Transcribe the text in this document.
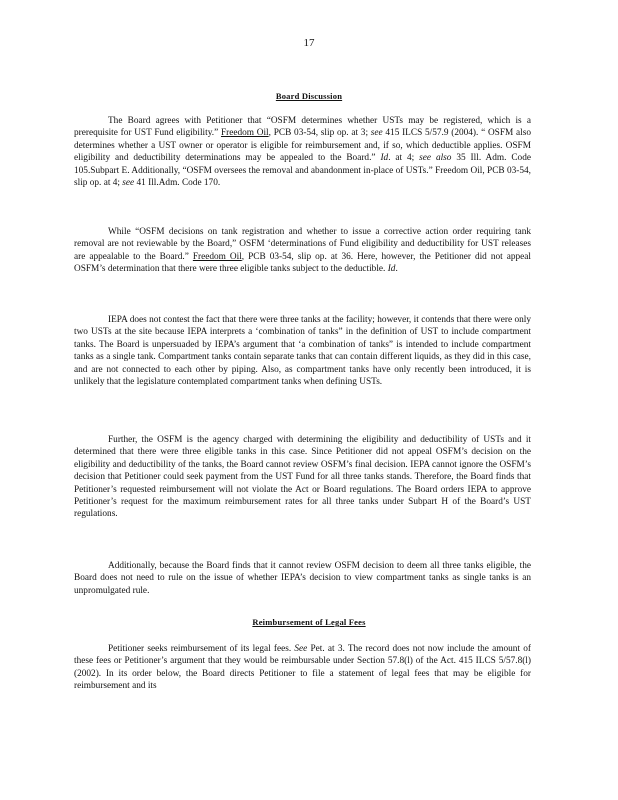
17
Board Discussion

The Board agrees with Petitioner that “OSFM determines whether USTs may be registered, which is a prerequisite for UST Fund eligibility.” Freedom Oil, PCB 03-54, slip op. at 3; see 415 ILCS 5/57.9 (2004). “ OSFM also determines whether a UST owner or operator is eligible for reimbursement and, if so, which deductible applies. OSFM eligibility and deductibility determinations may be appealed to the Board.” Id. at 4; see also 35 Ill. Adm. Code 105.Subpart E. Additionally, “OSFM oversees the removal and abandonment in-place of USTs.” Freedom Oil, PCB 03-54, slip op. at 4; see 41 Ill.Adm. Code 170.

While “OSFM decisions on tank registration and whether to issue a corrective action order requiring tank removal are not reviewable by the Board,” OSFM ‘determinations of Fund eligibility and deductibility for UST releases are appealable to the Board.” Freedom Oil, PCB 03-54, slip op. at 36. Here, however, the Petitioner did not appeal OSFM’s determination that there were three eligible tanks subject to the deductible. Id.

IEPA does not contest the fact that there were three tanks at the facility; however, it contends that there were only two USTs at the site because IEPA interprets a ‘combination of tanks” in the definition of UST to include compartment tanks. The Board is unpersuaded by IEPA’s argument that ‘a combination of tanks” is intended to include compartment tanks as a single tank. Compartment tanks contain separate tanks that can contain different liquids, as they did in this case, and are not connected to each other by piping. Also, as compartment tanks have only recently been introduced, it is unlikely that the legislature contemplated compartment tanks when defining USTs.

Further, the OSFM is the agency charged with determining the eligibility and deductibility of USTs and it determined that there were three eligible tanks in this case. Since Petitioner did not appeal OSFM’s decision on the eligibility and deductibility of the tanks, the Board cannot review OSFM’s final decision. IEPA cannot ignore the OSFM’s decision that Petitioner could seek payment from the UST Fund for all three tanks stands. Therefore, the Board finds that Petitioner’s requested reimbursement will not violate the Act or Board regulations. The Board orders IEPA to approve Petitioner’s request for the maximum reimbursement rates for all three tanks under Subpart H of the Board’s UST regulations.

Additionally, because the Board finds that it cannot review OSFM decision to deem all three tanks eligible, the Board does not need to rule on the issue of whether IEPA’s decision to view compartment tanks as single tanks is an unpromulgated rule.

Reimbursement of Legal Fees

Petitioner seeks reimbursement of its legal fees. See Pet. at 3. The record does not now include the amount of these fees or Petitioner’s argument that they would be reimbursable under Section 57.8(l) of the Act. 415 ILCS 5/57.8(l) (2002). In its order below, the Board directs Petitioner to file a statement of legal fees that may be eligible for reimbursement and its
